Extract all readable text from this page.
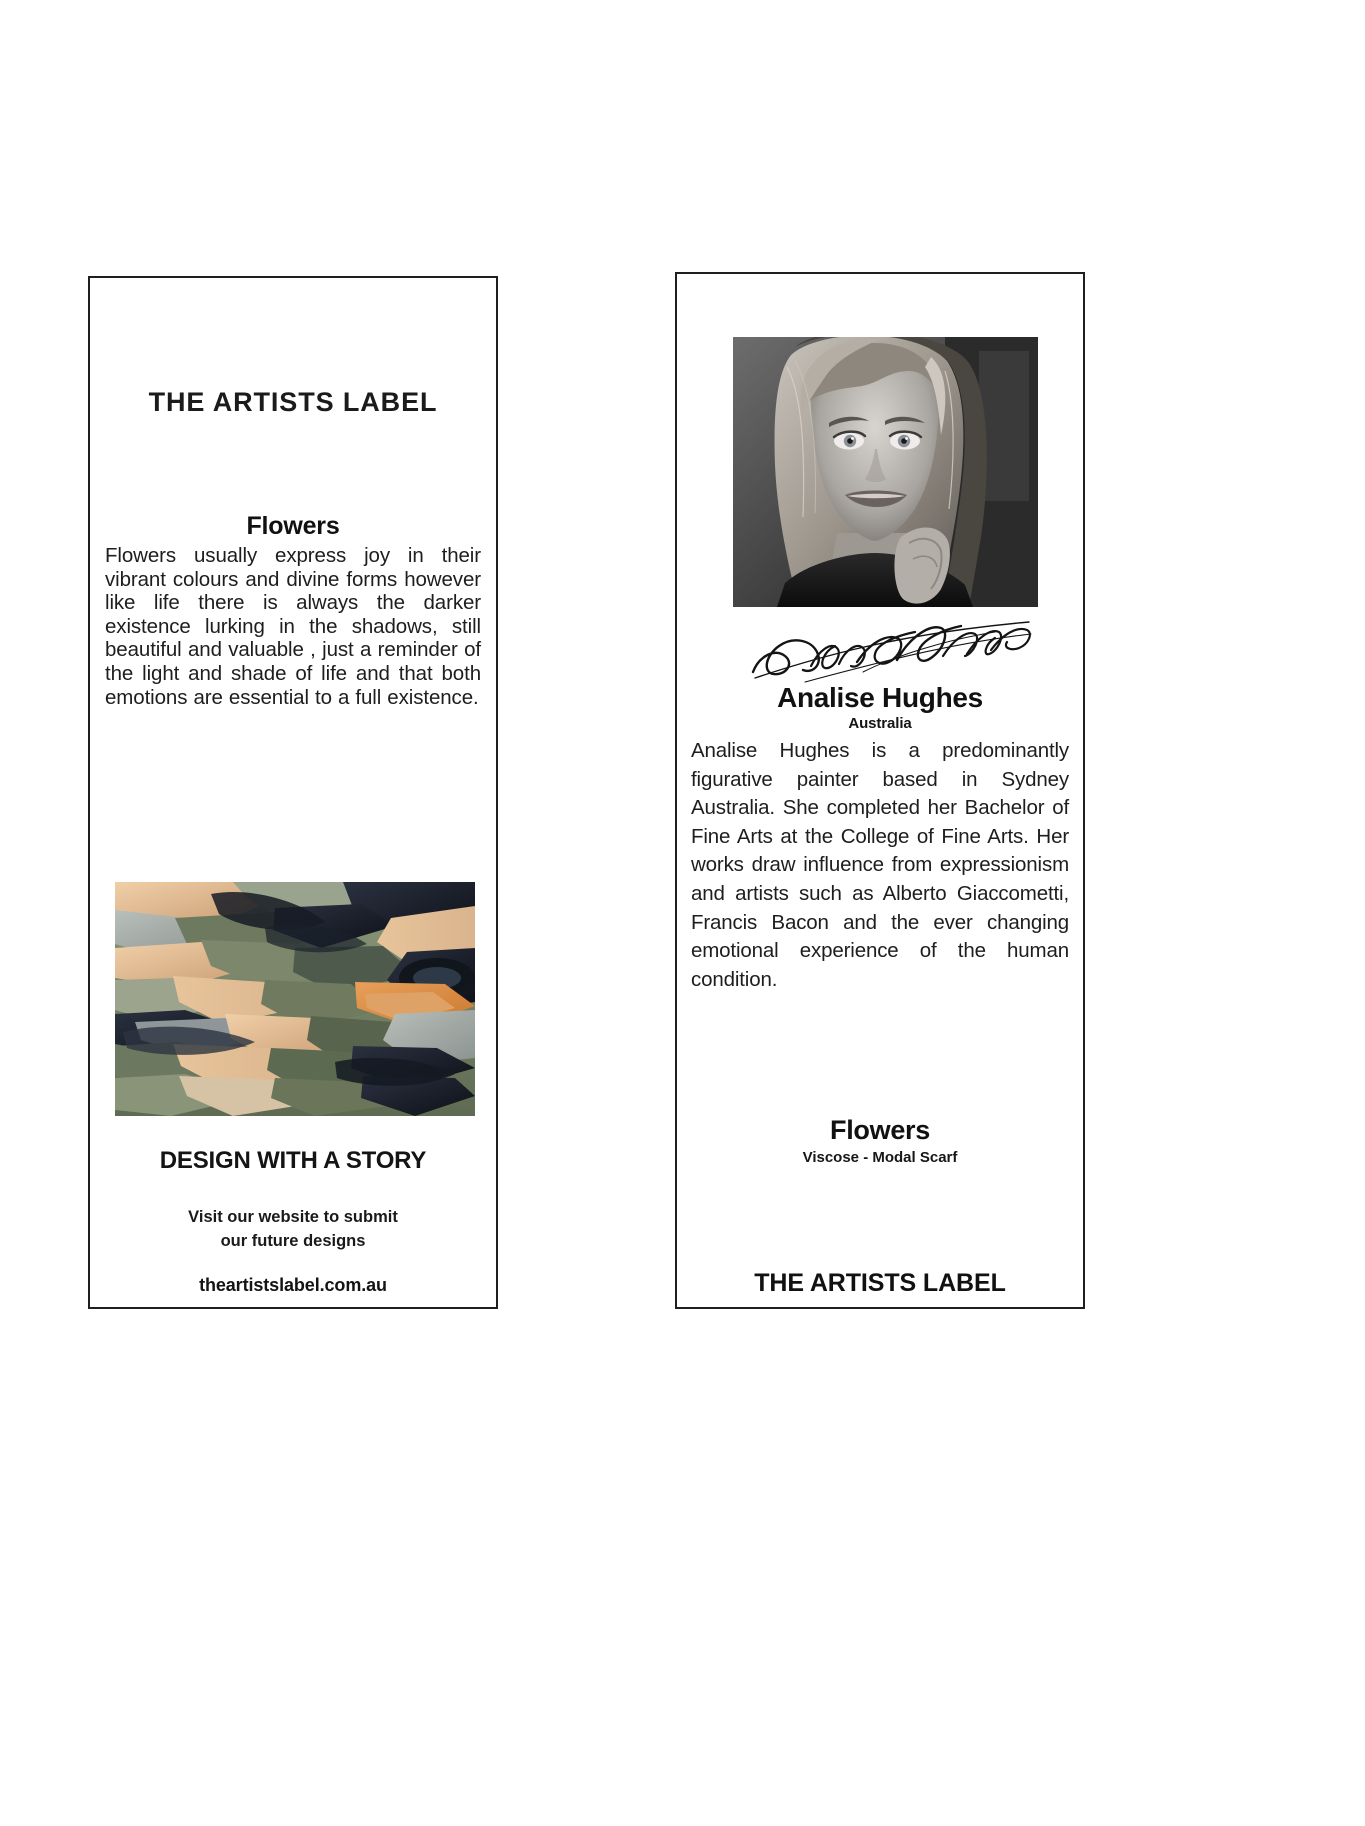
THE ARTISTS LABEL
Flowers
Flowers usually express joy in their vibrant colours and divine forms however like life there is always the darker existence lurking in the shadows, still beautiful and valuable , just a reminder of the light and shade of life and that both emotions are essential to a full existence.
DESIGN WITH A STORY
Visit our website to submit
our future designs
theartistslabel.com.au
Analise Hughes
Australia
Analise Hughes is a predominantly figurative painter based in Sydney Australia. She completed her Bachelor of Fine Arts at the College of Fine Arts. Her works draw influence from expressionism and artists such as Alberto Giaccometti, Francis Bacon and the ever changing emotional experience of the human condition.
Flowers
Viscose - Modal Scarf
THE ARTISTS LABEL
